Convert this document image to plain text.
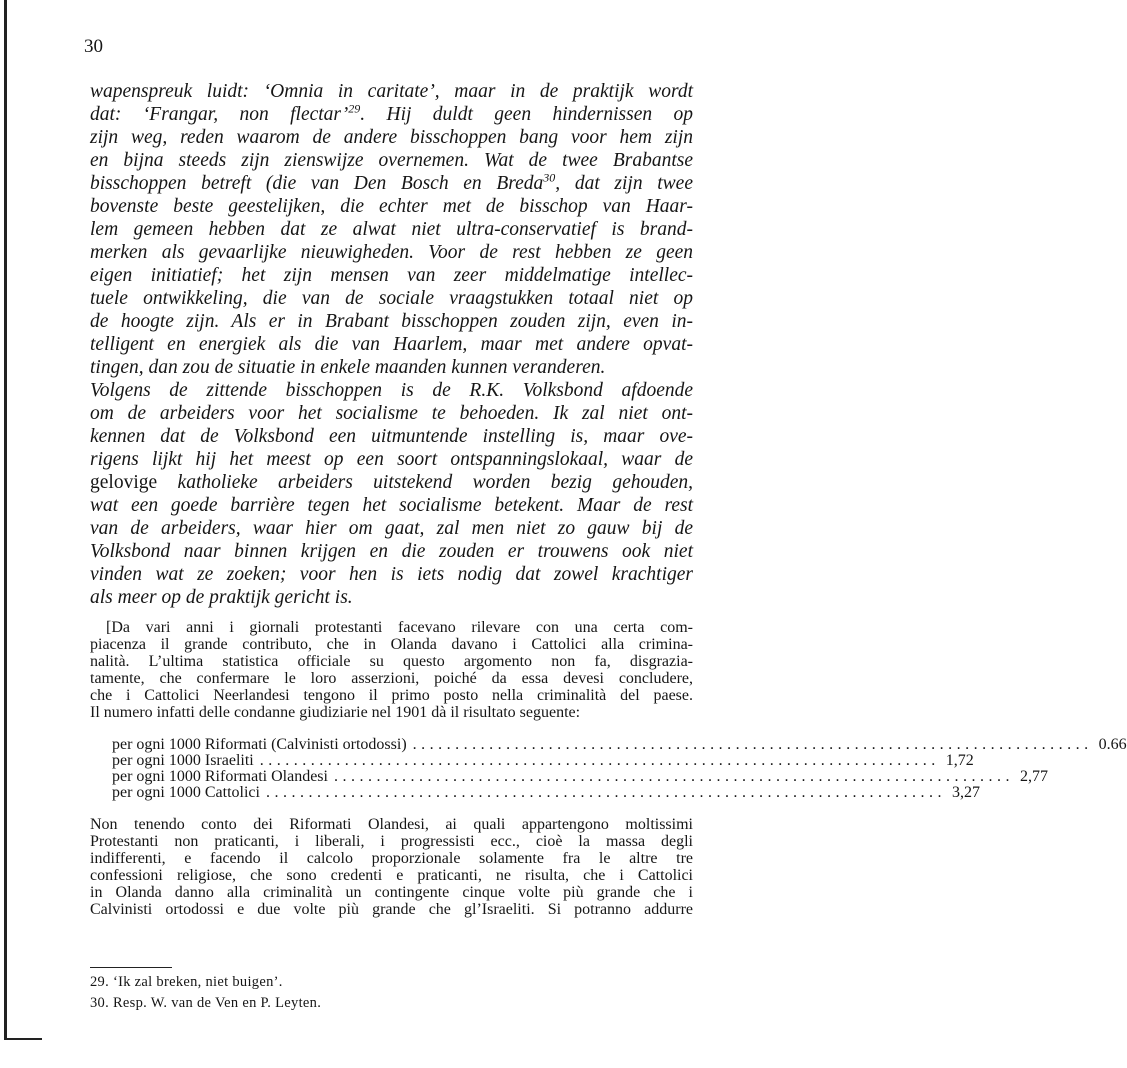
30
wapenspreuk luidt: ‘Omnia in caritate’, maar in de praktijk wordt
dat: ‘Frangar, non flectar’$^{29}$. Hij duldt geen hindernissen op
zijn weg, reden waarom de andere bisschoppen bang voor hem zijn
en bijna steeds zijn zienswijze overnemen. Wat de twee Brabantse
bisschoppen betreft (die van Den Bosch en Breda$^{30}$, dat zijn twee
bovenste beste geestelijken, die echter met de bisschop van Haar-
lem gemeen hebben dat ze alwat niet ultra-conservatief is brand-
merken als gevaarlijke nieuwigheden. Voor de rest hebben ze geen
eigen initiatief; het zijn mensen van zeer middelmatige intellec-
tuele ontwikkeling, die van de sociale vraagstukken totaal niet op
de hoogte zijn. Als er in Brabant bisschoppen zouden zijn, even in-
telligent en energiek als die van Haarlem, maar met andere opvat-
tingen, dan zou de situatie in enkele maanden kunnen veranderen.
Volgens de zittende bisschoppen is de R.K. Volksbond afdoende
om de arbeiders voor het socialisme te behoeden. Ik zal niet ont-
kennen dat de Volksbond een uitmuntende instelling is, maar ove-
rigens lijkt hij het meest op een soort ontspanningslokaal, waar de
gelovige katholieke arbeiders uitstekend worden bezig gehouden,
wat een goede barrière tegen het socialisme betekent. Maar de rest
van de arbeiders, waar hier om gaat, zal men niet zo gauw bij de
Volksbond naar binnen krijgen en die zouden er trouwens ook niet
vinden wat ze zoeken; voor hen is iets nodig dat zowel krachtiger
als meer op de praktijk gericht is.
[Da vari anni i giornali protestanti facevano rilevare con una certa com-
piacenza il grande contributo, che in Olanda davano i Cattolici alla crimina-
nalità. L’ultima statistica officiale su questo argomento non fa, disgrazia-
tamente, che confermare le loro asserzioni, poiché da essa devesi concludere,
che i Cattolici Neerlandesi tengono il primo posto nella criminalità del paese.
Il numero infatti delle condanne giudiziarie nel 1901 dà il risultato seguente:
per ogni 1000 Riformati (Calvinisti ortodossi) ................................................................................ 0.66
per ogni 1000 Israeliti ................................................................................ 1,72
per ogni 1000 Riformati Olandesi ................................................................................ 2,77
per ogni 1000 Cattolici ................................................................................ 3,27
Non tenendo conto dei Riformati Olandesi, ai quali appartengono moltissimi
Protestanti non praticanti, i liberali, i progressisti ecc., cioè la massa degli
indifferenti, e facendo il calcolo proporzionale solamente fra le altre tre
confessioni religiose, che sono credenti e praticanti, ne risulta, che i Cattolici
in Olanda danno alla criminalità un contingente cinque volte più grande che i
Calvinisti ortodossi e due volte più grande che gl’Israeliti. Si potranno addurre
29. ‘Ik zal breken, niet buigen’.
30. Resp. W. van de Ven en P. Leyten.
